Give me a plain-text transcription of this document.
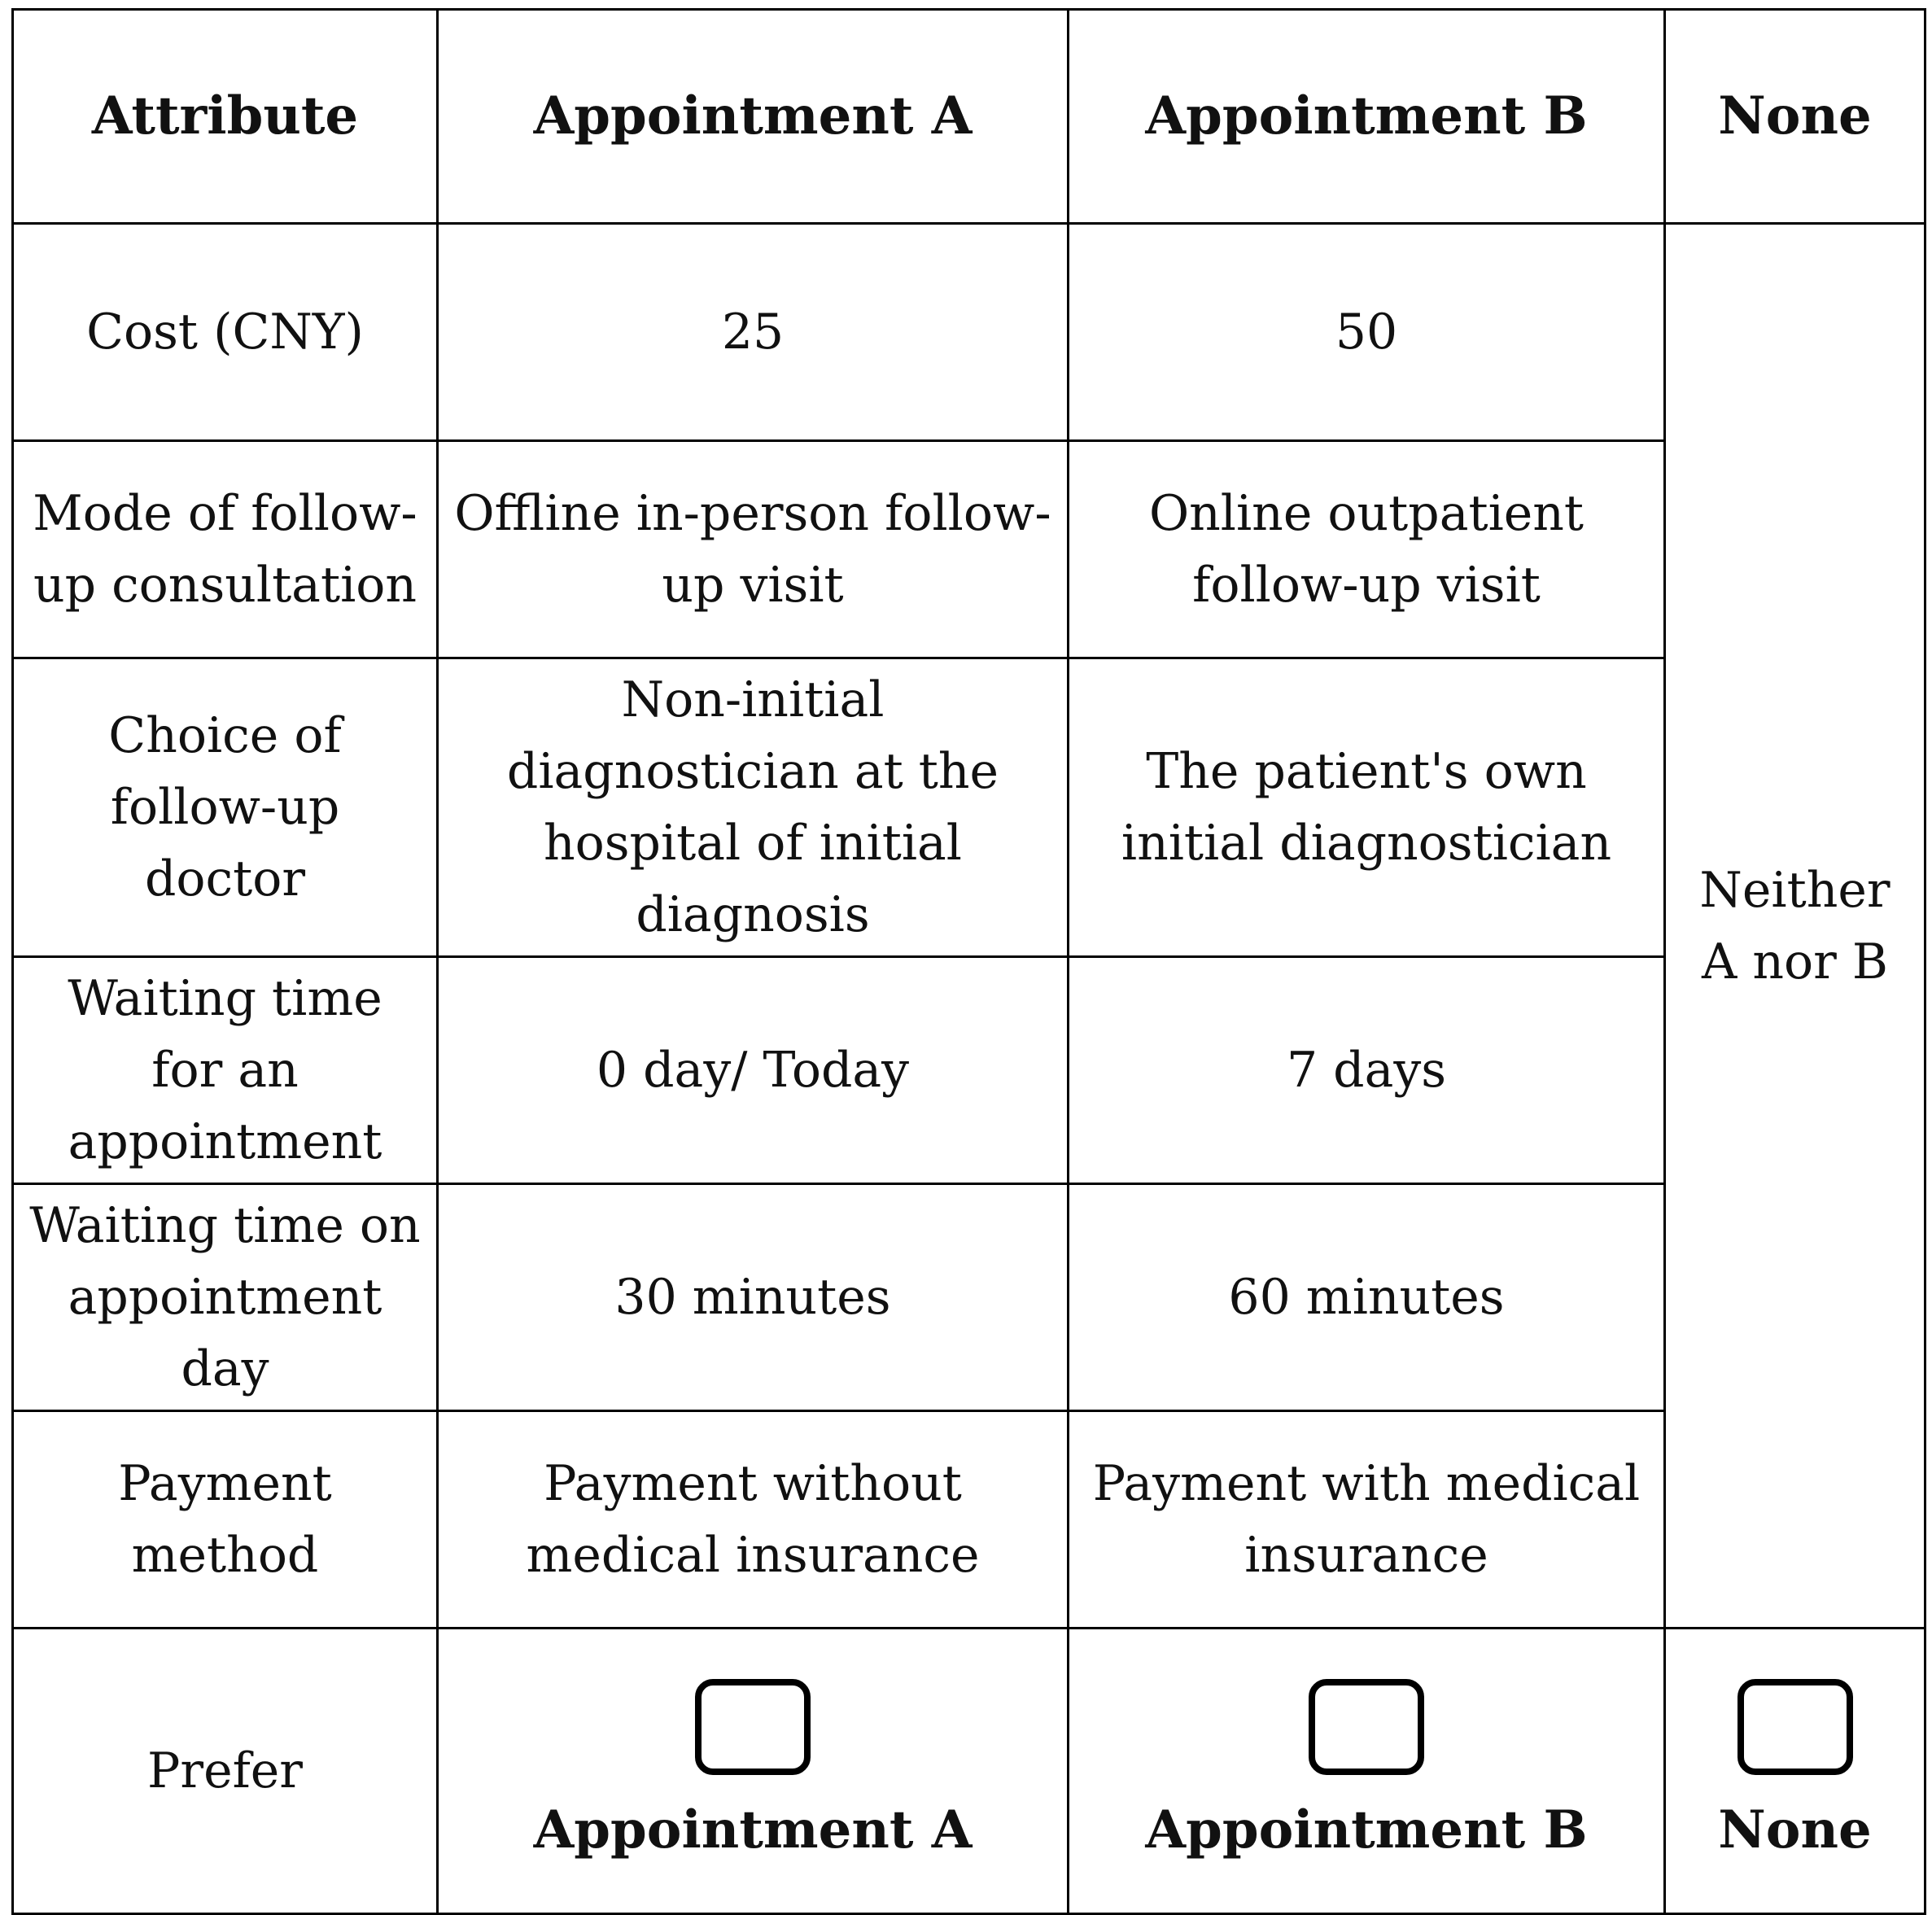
Attribute	Appointment A	Appointment B	None
Cost (CNY)	25	50	Neither A nor B
Mode of follow-up consultation	Offline in-person follow-up visit	Online outpatient follow-up visit	
Choice of follow-up doctor	Non-initial diagnostician at the hospital of initial diagnosis	The patient's own initial diagnostician	
Waiting time for an appointment	0 day/ Today	7 days	
Waiting time on appointment day	30 minutes	60 minutes	
Payment method	Payment without medical insurance	Payment with medical insurance	
Prefer	Appointment A	Appointment B	None
